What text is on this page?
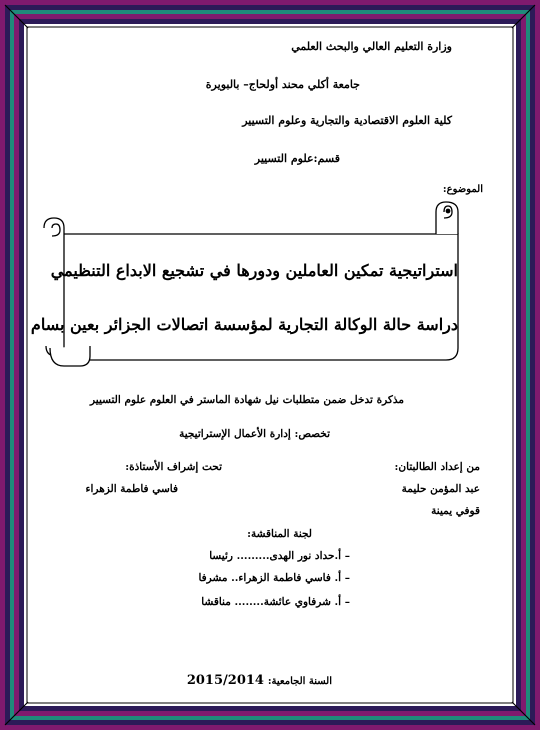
وزارة التعليم العالي والبحث العلمي
جامعة أكلي محند أولحاج– بالبويرة
كلية العلوم الاقتصادية والتجارية وعلوم التسيير
قسم:علوم التسيير
الموضوع:
استراتيجية تمكين العاملين ودورها في تشجيع الابداع التنظيمي
دراسة حالة الوكالة التجارية لمؤسسة اتصالات الجزائر بعين بسام
مذكرة تدخل ضمن متطلبات نيل شهادة الماستر في العلوم علوم التسيير
تخصص: إدارة الأعمال الإستراتيجية
من إعداد الطالبتان:
عبد المؤمن حليمة
قوفي يمينة
تحت إشراف الأستاذة:
فاسي فاطمة الزهراء
لجنة المناقشة:
– أ.حداد نور الهدى......... رئيسا
– أ. فاسي فاطمة الزهراء.. مشرفا
– أ. شرفاوي عائشة........ مناقشا
السنة الجامعية: 2015/2014
